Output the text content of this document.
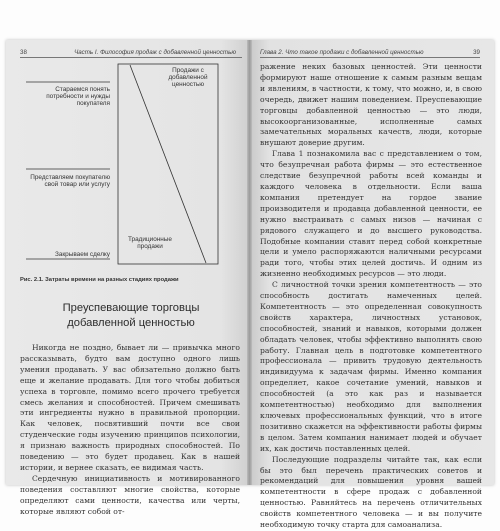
38	Часть I. Философия продаж с добавленной ценностью
Стараемся понять потребности и нужды покупателя
Представляем покупателю свой товар или услугу
Закрываем сделку
Продажи с добавленной ценностью
Традиционные продажи
Рис. 2.1. Затраты времени на разных стадиях продажи
Преуспевающие торговцы
добавленной ценностью

Никогда не поздно, бывает ли — привычка много рассказывать, будто вам доступно одного лишь умения продавать. У вас обязательно должно быть еще и желание продавать. Для того чтобы добиться успеха в торговле, помимо всего прочего требуется смесь желания и способностей. Причем смешивать эти ингредиенты нужно в правильной пропорции. Как человек, посвятивший почти все свои студенческие годы изучению принципов психологии, я признаю важность природных способностей. По поведению — это будет продавец. Как в нашей истории, и вернее сказать, ее видимая часть.

Сердечную инициативность и мотивированного поведения составляют многие свойства, которые определяют сами ценности, качества или черты, которые являют собой от-

Глава 2. Что такое продажи с добавленной ценностью	39

ражение неких базовых ценностей. Эти ценности формируют наше отношение к самым разным вещам и явлениям, в частности, к тому, что можно, и, в свою очередь, движет нашим поведением. Преуспевающие торговцы добавленной ценностью — это люди, высокоорганизованные, исполненные самых замечательных моральных качеств, люди, которые внушают доверие другим.

Глава 1 познакомила вас с представлением о том, что безупречная работа фирмы — это естественное следствие безупречной работы всей команды и каждого человека в отдельности. Если ваша компания претендует на гордое звание производителя и продавца добавленной ценности, ее нужно выстраивать с самых низов — начиная с рядового служащего и до высшего руководства. Подобные компании ставят перед собой конкретные цели и умело распоряжаются наличными ресурсами ради того, чтобы этих целей достичь. И одним из жизненно необходимых ресурсов — это люди.

С личностной точки зрения компетентность — это способность достигать намеченных целей. Компетентность — это определенная совокупность свойств характера, личностных установок, способностей, знаний и навыков, которыми должен обладать человек, чтобы эффективно выполнять свою работу. Главная цель в подготовке компетентного профессионала — привить трудовую деятельность индивидуума к задачам фирмы. Именно компания определяет, какое сочетание умений, навыков и способностей (а это как раз и называется компетентностью) необходимо для выполнения ключевых профессиональных функций, что в итоге позитивно скажется на эффективности работы фирмы в целом. Затем компания нанимает людей и обучает их, как достичь поставленных целей.

Последующие подразделы читайте так, как если бы это был перечень практических советов и рекомендаций для повышения уровня вашей компетентности в сфере продаж с добавленной ценностью. Равняйтесь на перечень отличительных свойств компетентного человека — и вы получите необходимую точку старта для самоанализа.
